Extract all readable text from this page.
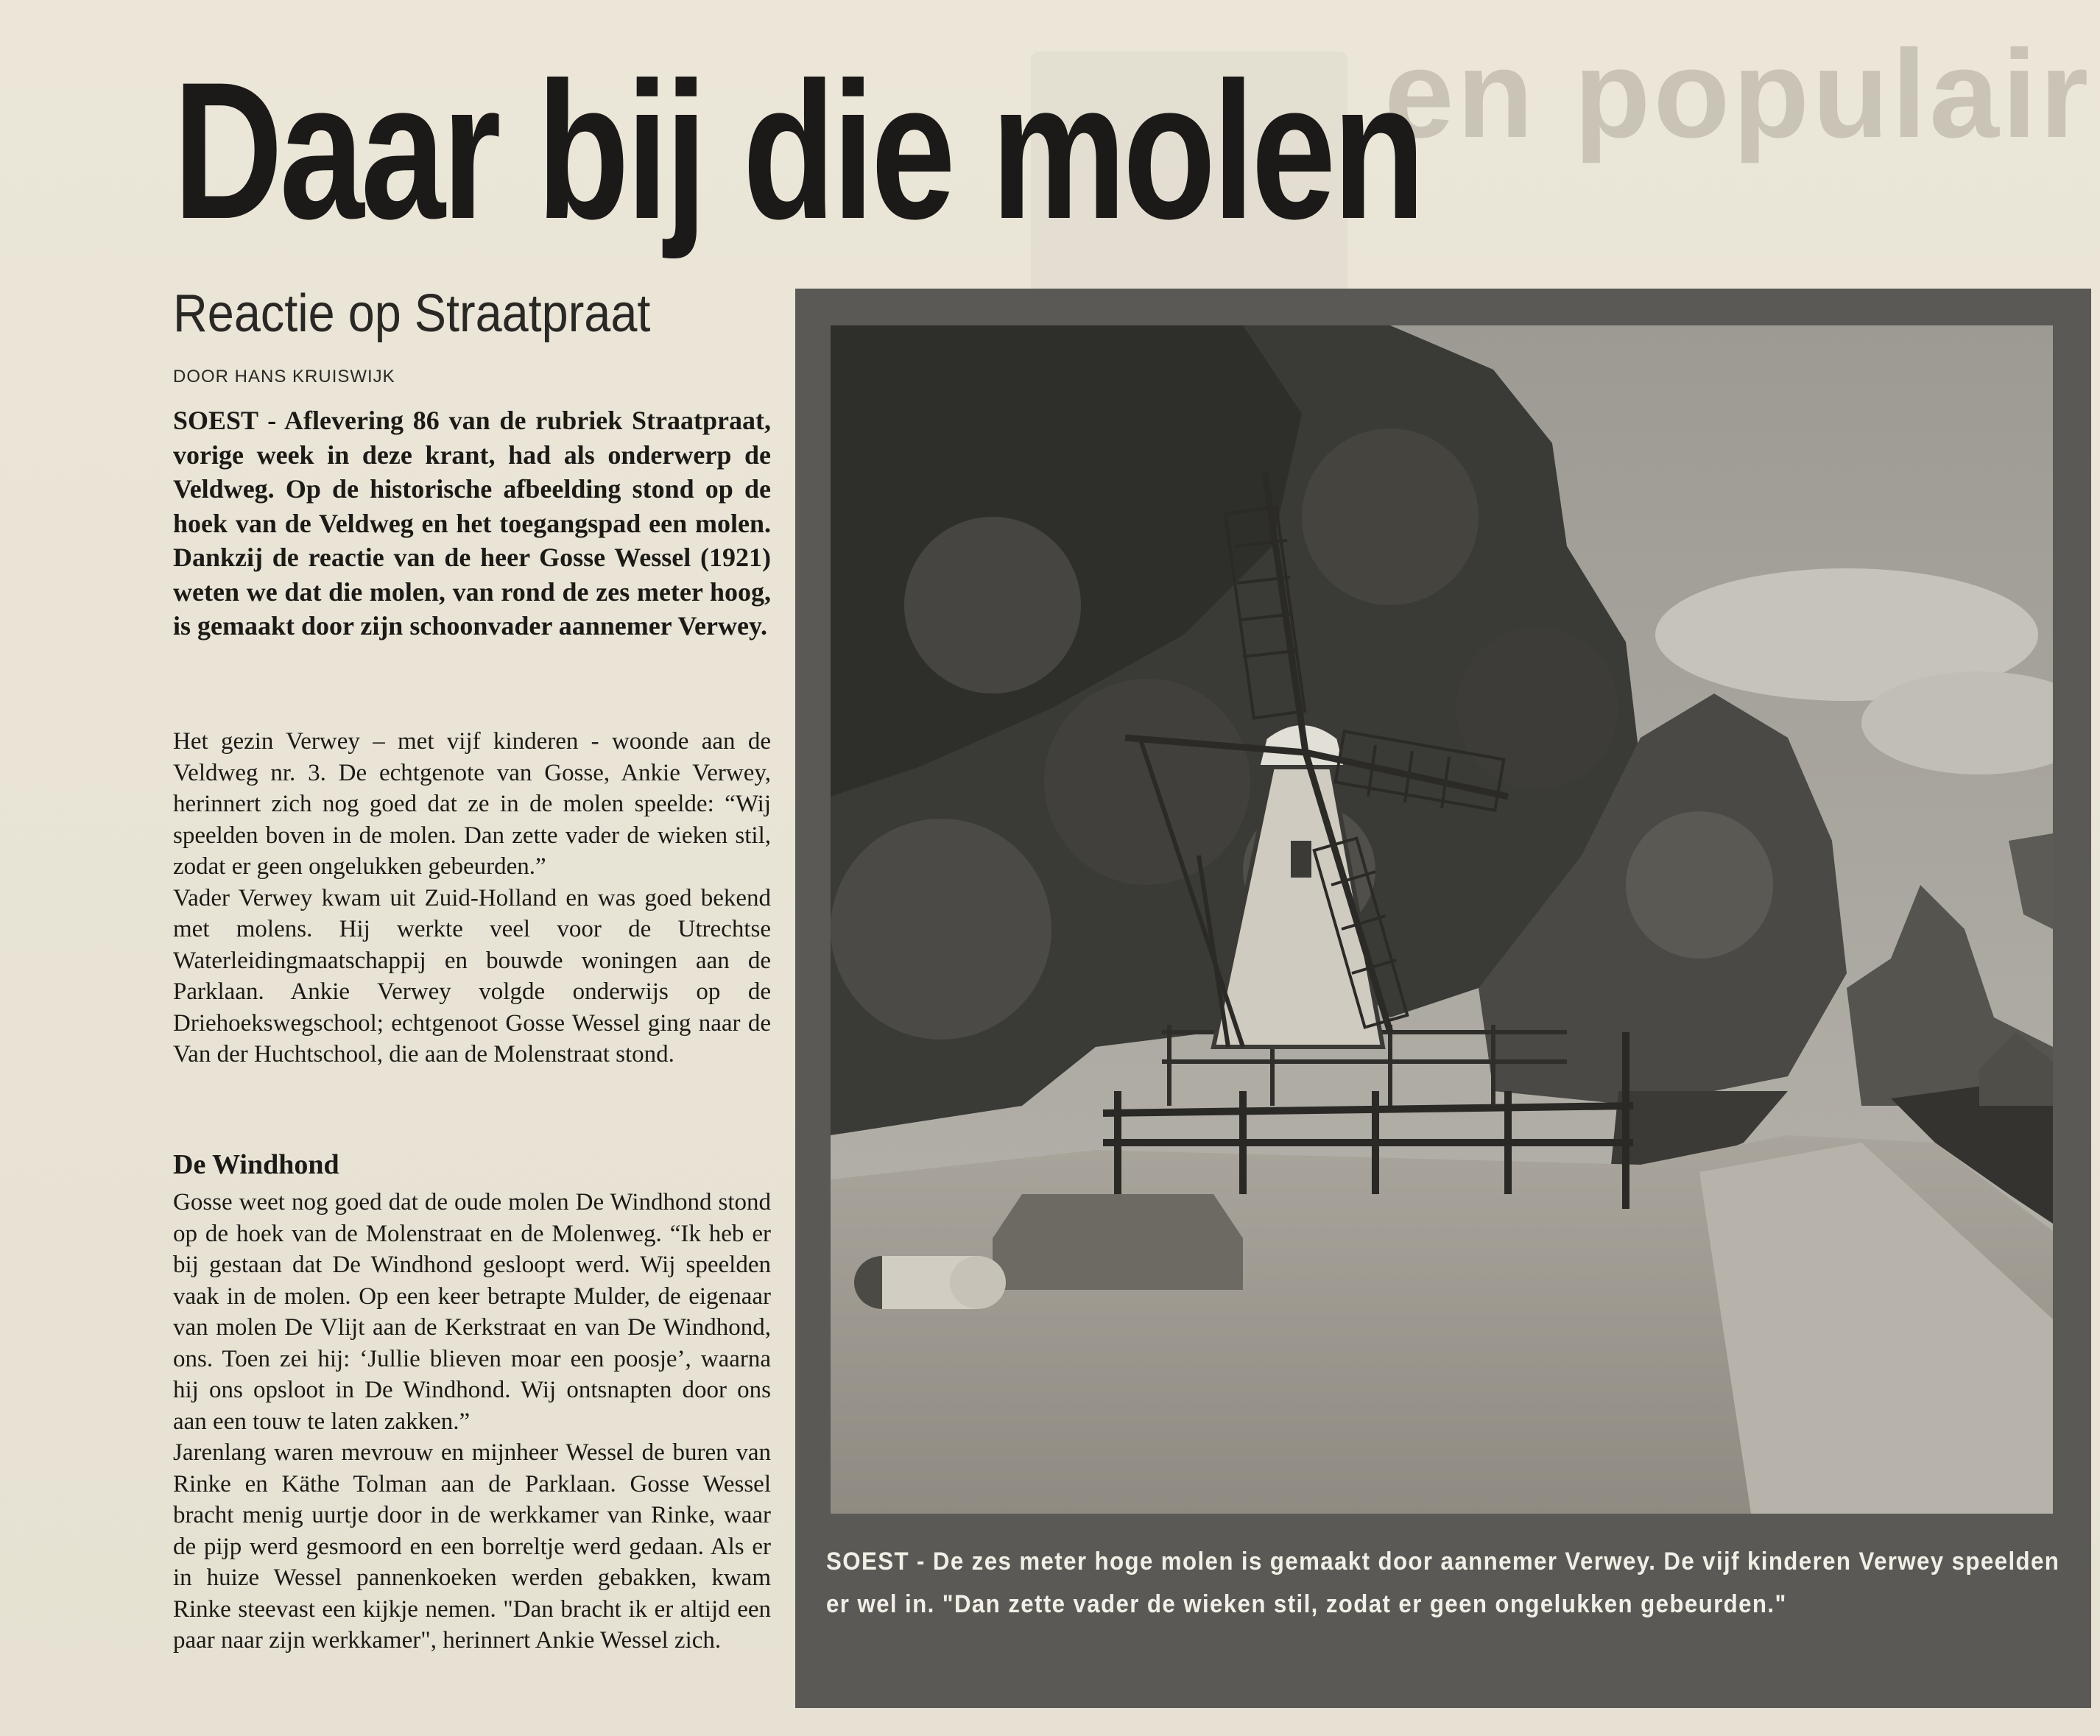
en populair
Daar bij die molen
Reactie op Straatpraat
DOOR HANS KRUISWIJK

SOEST - Aflevering 86 van de rubriek Straatpraat, vorige week in deze krant, had als onderwerp de Veldweg. Op de historische afbeelding stond op de hoek van de Veldweg en het toegangspad een molen. Dankzij de reactie van de heer Gosse Wessel (1921) weten we dat die molen, van rond de zes meter hoog, is gemaakt door zijn schoonvader aannemer Verwey.

Het gezin Verwey – met vijf kinderen - woonde aan de Veldweg nr. 3. De echtgenote van Gosse, Ankie Verwey, herinnert zich nog goed dat ze in de molen speelde: “Wij speelden boven in de molen. Dan zette vader de wieken stil, zodat er geen ongelukken gebeurden.”

Vader Verwey kwam uit Zuid-Holland en was goed bekend met molens. Hij werkte veel voor de Utrechtse Waterleidingmaatschappij en bouwde woningen aan de Parklaan. Ankie Verwey volgde onderwijs op de Driehoekswegschool; echtgenoot Gosse Wessel ging naar de Van der Huchtschool, die aan de Molenstraat stond.

De Windhond

Gosse weet nog goed dat de oude molen De Windhond stond op de hoek van de Molenstraat en de Molenweg. “Ik heb er bij gestaan dat De Windhond gesloopt werd. Wij speelden vaak in de molen. Op een keer betrapte Mulder, de eigenaar van molen De Vlijt aan de Kerkstraat en van De Windhond, ons. Toen zei hij: ‘Jullie blieven moar een poosje’, waarna hij ons opsloot in De Windhond. Wij ontsnapten door ons aan een touw te laten zakken.”

Jarenlang waren mevrouw en mijnheer Wessel de buren van Rinke en Käthe Tolman aan de Parklaan. Gosse Wessel bracht menig uurtje door in de werkkamer van Rinke, waar de pijp werd gesmoord en een borreltje werd gedaan. Als er in huize Wessel pannenkoeken werden gebakken, kwam Rinke steevast een kijkje nemen. "Dan bracht ik er altijd een paar naar zijn werkkamer", herinnert Ankie Wessel zich.

SOEST - De zes meter hoge molen is gemaakt door aannemer Verwey. De vijf kinderen Verwey speelden er wel in. "Dan zette vader de wieken stil, zodat er geen ongelukken gebeurden."
